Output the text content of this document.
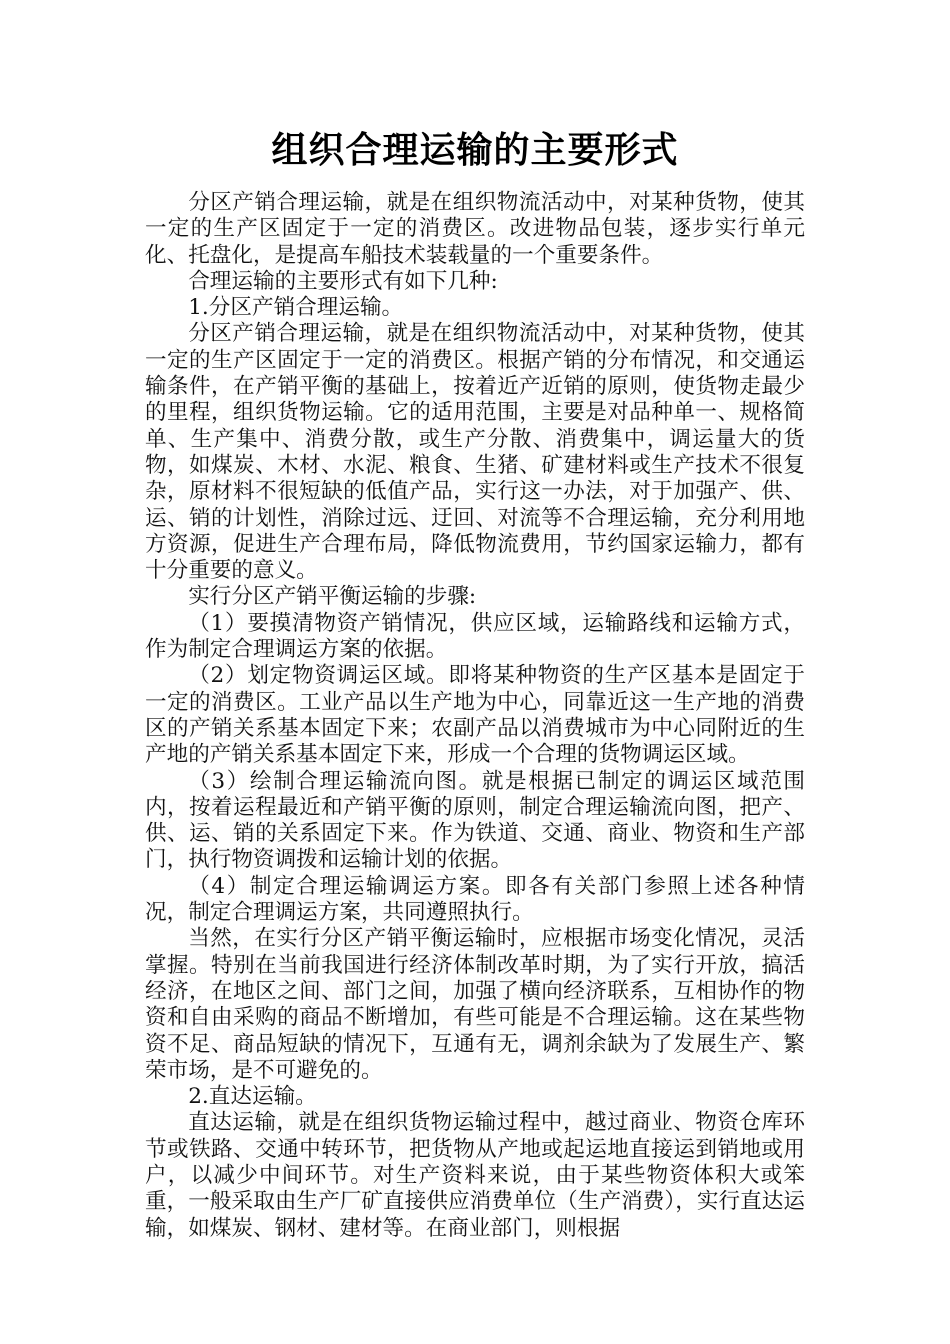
组织合理运输的主要形式

分区产销合理运输，就是在组织物流活动中，对某种货物，使其一定的生产区固定于一定的消费区。改进物品包装，逐步实行单元化、托盘化，是提高车船技术装载量的一个重要条件。

合理运输的主要形式有如下几种:

1.分区产销合理运输。

分区产销合理运输，就是在组织物流活动中，对某种货物，使其一定的生产区固定于一定的消费区。根据产销的分布情况，和交通运输条件，在产销平衡的基础上，按着近产近销的原则，使货物走最少的里程，组织货物运输。它的适用范围，主要是对品种单一、规格简单、生产集中、消费分散，或生产分散、消费集中，调运量大的货物，如煤炭、木材、水泥、粮食、生猪、矿建材料或生产技术不很复杂，原材料不很短缺的低值产品，实行这一办法，对于加强产、供、运、销的计划性，消除过远、迂回、对流等不合理运输，充分利用地方资源，促进生产合理布局，降低物流费用，节约国家运输力，都有十分重要的意义。

实行分区产销平衡运输的步骤:

（1）要摸清物资产销情况，供应区域，运输路线和运输方式，作为制定合理调运方案的依据。

（2）划定物资调运区域。即将某种物资的生产区基本是固定于一定的消费区。工业产品以生产地为中心，同靠近这一生产地的消费区的产销关系基本固定下来；农副产品以消费城市为中心同附近的生产地的产销关系基本固定下来，形成一个合理的货物调运区域。

（3）绘制合理运输流向图。就是根据已制定的调运区域范围内，按着运程最近和产销平衡的原则，制定合理运输流向图，把产、供、运、销的关系固定下来。作为铁道、交通、商业、物资和生产部门，执行物资调拨和运输计划的依据。

（4）制定合理运输调运方案。即各有关部门参照上述各种情况，制定合理调运方案，共同遵照执行。

当然，在实行分区产销平衡运输时，应根据市场变化情况，灵活掌握。特别在当前我国进行经济体制改革时期，为了实行开放，搞活经济，在地区之间、部门之间，加强了横向经济联系，互相协作的物资和自由采购的商品不断增加，有些可能是不合理运输。这在某些物资不足、商品短缺的情况下，互通有无，调剂余缺为了发展生产、繁荣市场，是不可避免的。

2.直达运输。

直达运输，就是在组织货物运输过程中，越过商业、物资仓库环节或铁路、交通中转环节，把货物从产地或起运地直接运到销地或用户，以减少中间环节。对生产资料来说，由于某些物资体积大或笨重，一般采取由生产厂矿直接供应消费单位（生产消费），实行直达运输，如煤炭、钢材、建材等。在商业部门，则根据
